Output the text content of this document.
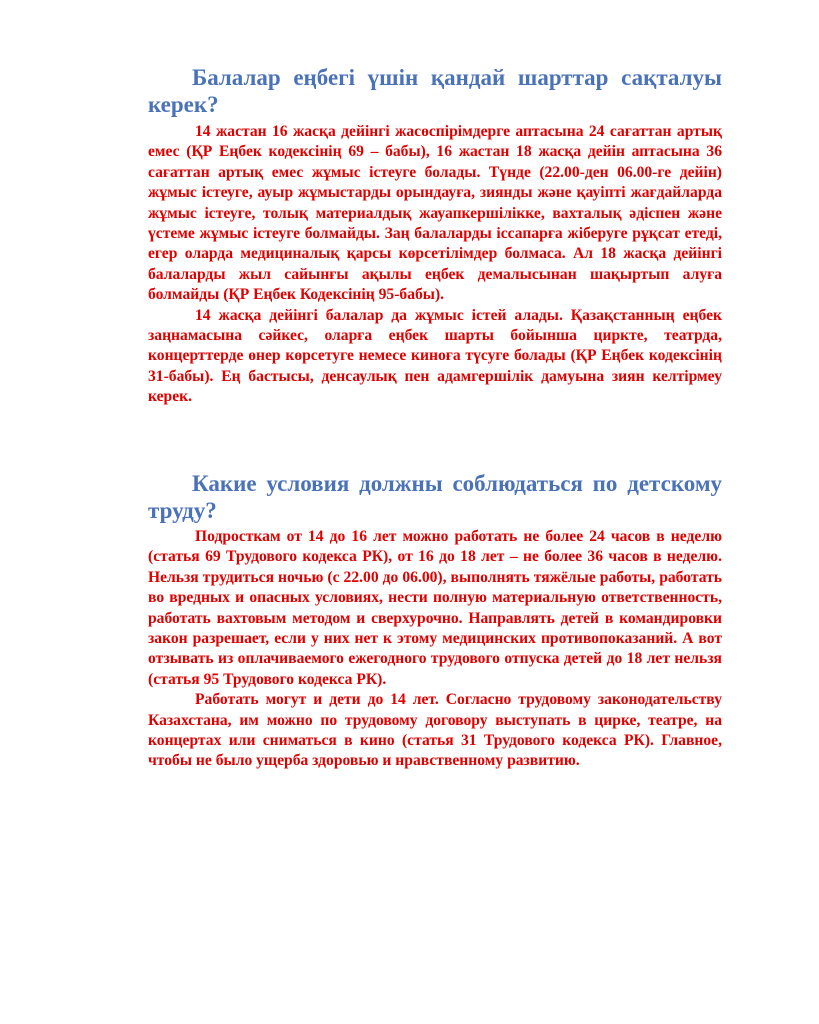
Балалар еңбегі үшін қандай шарттар сақталуы керек?

14 жастан 16 жасқа дейінгі жасөспірімдерге аптасына 24 сағаттан артық емес (ҚР Еңбек кодексінің 69 – бабы), 16 жастан 18 жасқа дейін аптасына 36 сағаттан артық емес жұмыс істеуге болады. Түнде (22.00-ден 06.00-ге дейін) жұмыс істеуге, ауыр жұмыстарды орындауға, зиянды және қауіпті жағдайларда жұмыс істеуге, толық материалдық жауапкершілікке, вахталық әдіспен және үстеме жұмыс істеуге болмайды. Заң балаларды іссапарға жіберуге рұқсат етеді, егер оларда медициналық қарсы көрсетілімдер болмаса. Ал 18 жасқа дейінгі балаларды жыл сайынғы ақылы еңбек демалысынан шақыртып алуға болмайды (ҚР Еңбек Кодексінің 95-бабы).

14 жасқа дейінгі балалар да жұмыс істей алады. Қазақстанның еңбек заңнамасына сәйкес, оларға еңбек шарты бойынша циркте, театрда, концерттерде өнер көрсетуге немесе киноға түсуге болады (ҚР Еңбек кодексінің 31-бабы). Ең бастысы, денсаулық пен адамгершілік дамуына зиян келтірмеу керек.

Какие условия должны соблюдаться по детскому труду?

Подросткам от 14 до 16 лет можно работать не более 24 часов в неделю (статья 69 Трудового кодекса РК), от 16 до 18 лет – не более 36 часов в неделю. Нельзя трудиться ночью (с 22.00 до 06.00), выполнять тяжёлые работы, работать во вредных и опасных условиях, нести полную материальную ответственность, работать вахтовым методом и сверхурочно. Направлять детей в командировки закон разрешает, если у них нет к этому медицинских противопоказаний. А вот отзывать из оплачиваемого ежегодного трудового отпуска детей до 18 лет нельзя (статья 95 Трудового кодекса РК).

Работать могут и дети до 14 лет. Согласно трудовому законодательству Казахстана, им можно по трудовому договору выступать в цирке, театре, на концертах или сниматься в кино (статья 31 Трудового кодекса РК). Главное, чтобы не было ущерба здоровью и нравственному развитию.
